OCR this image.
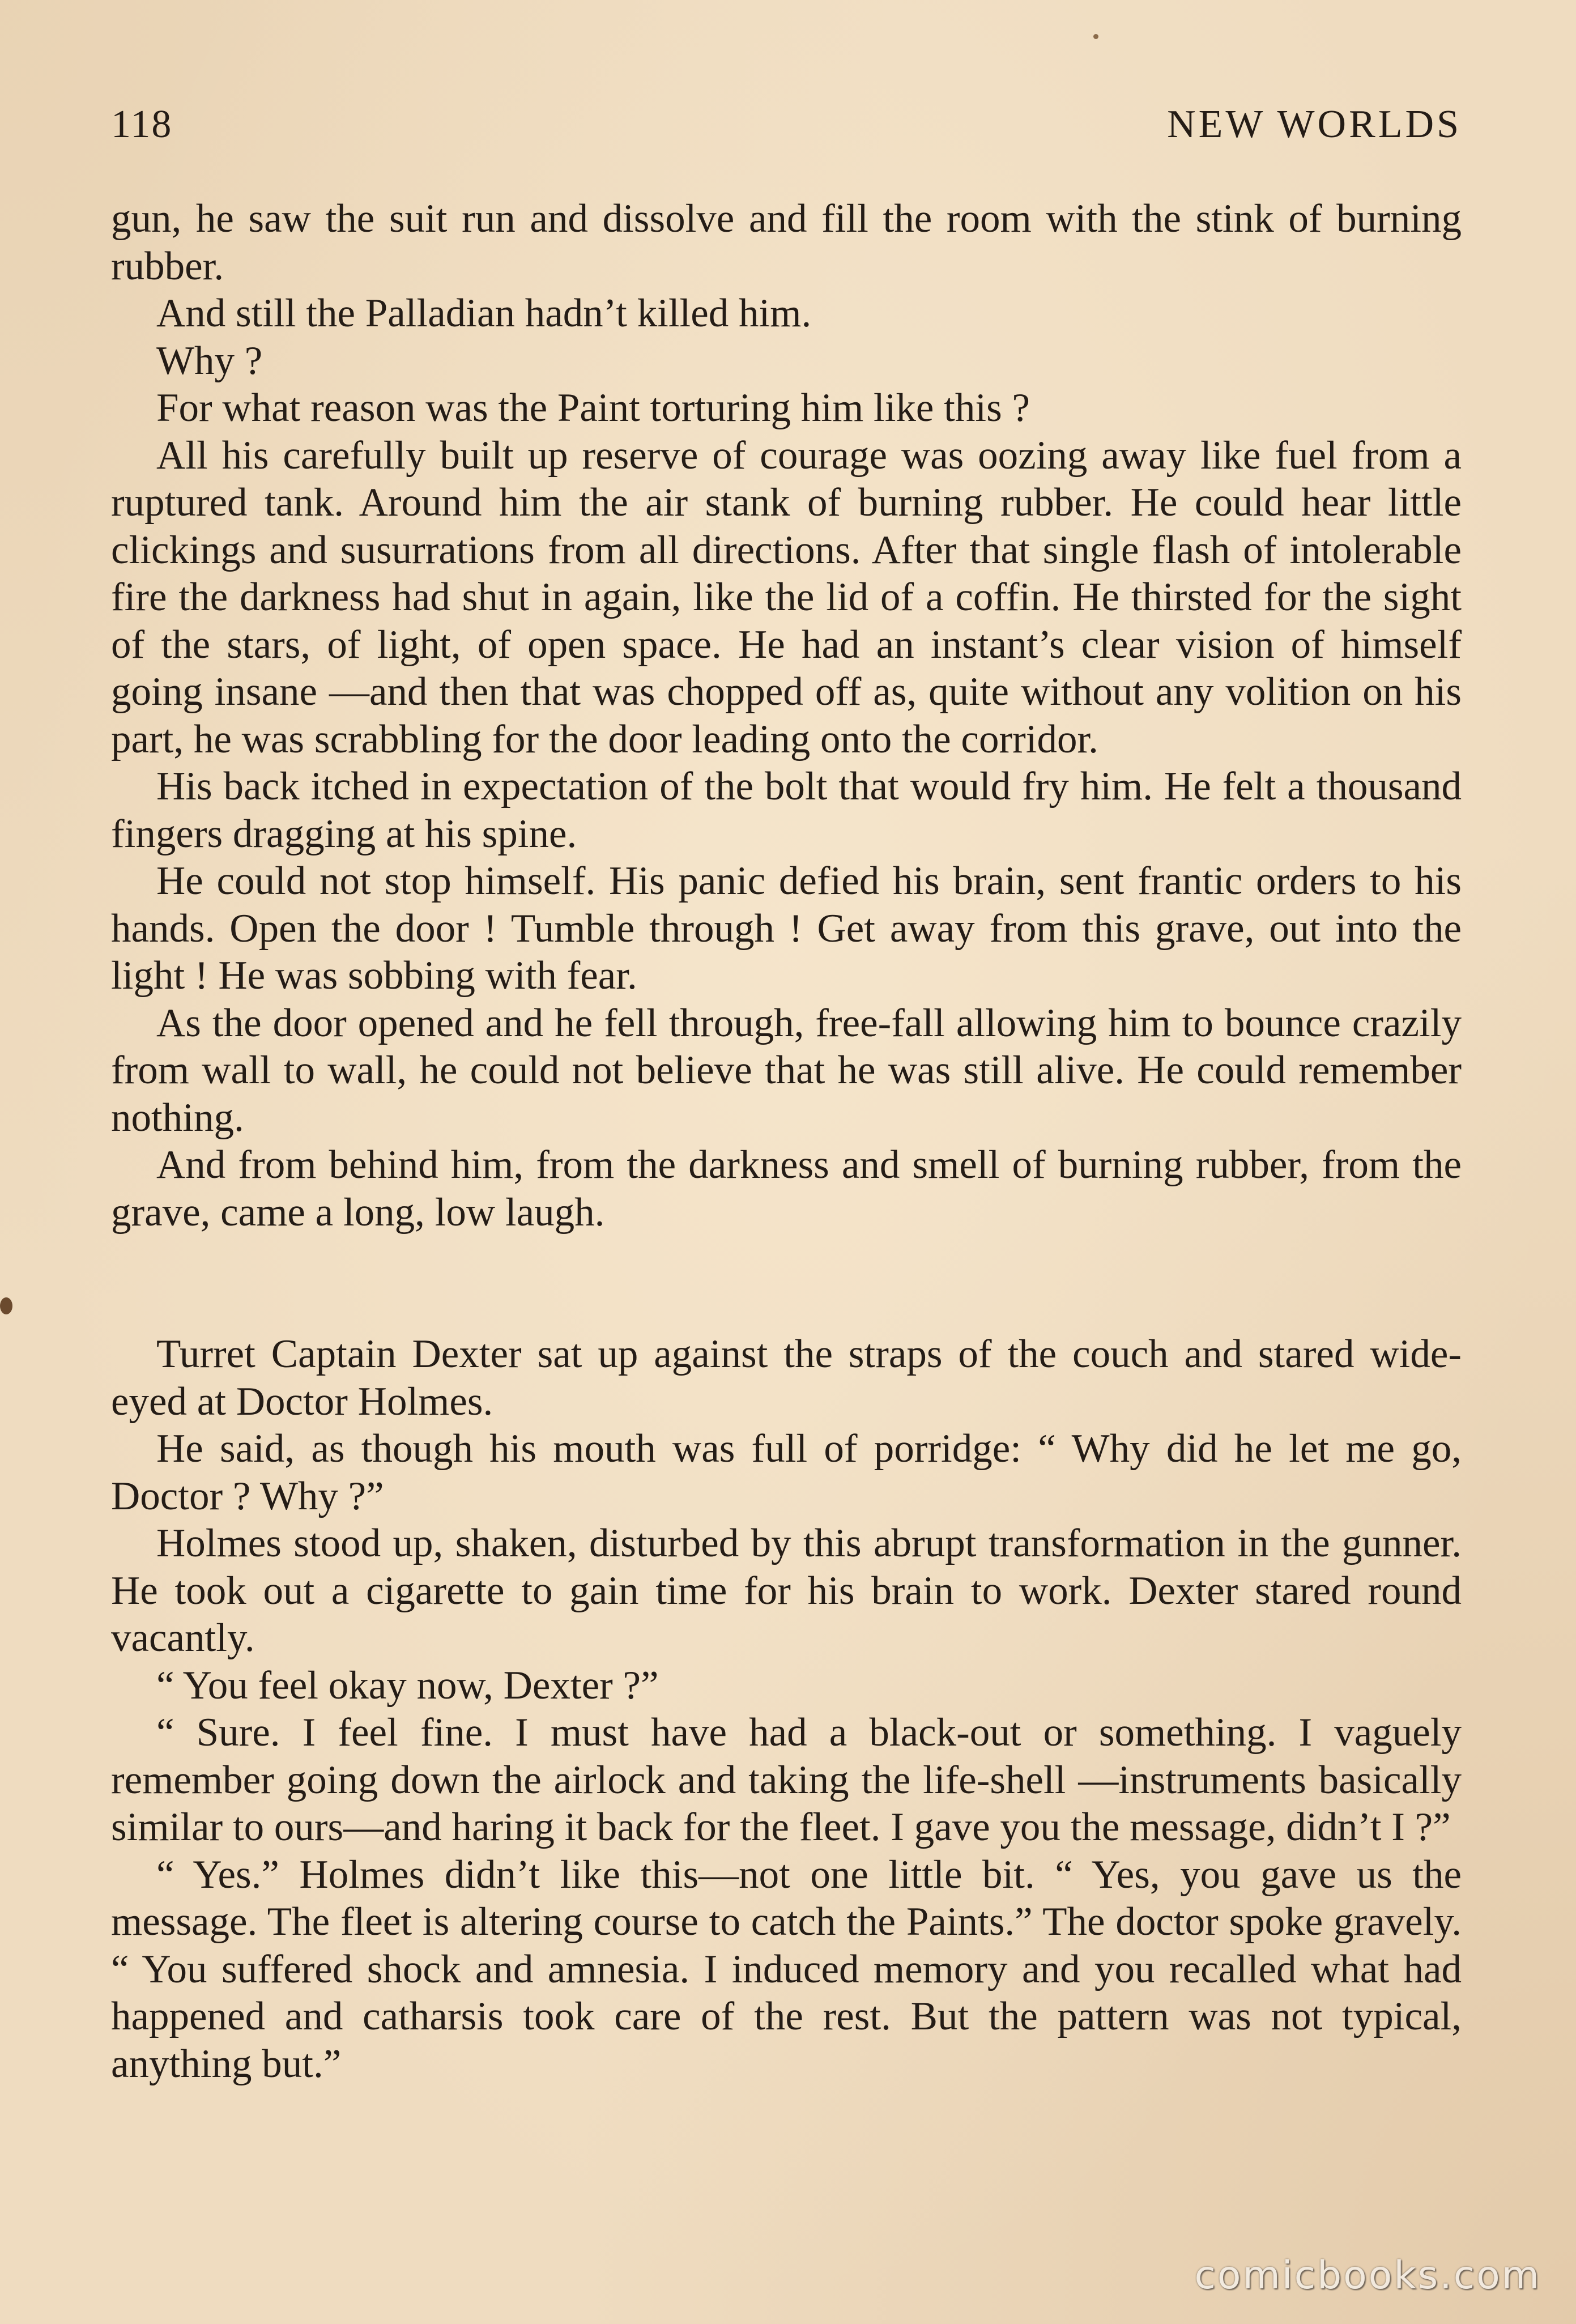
118	NEW WORLDS

gun, he saw the suit run and dissolve and fill the room with the stink of burning rubber.

And still the Palladian hadn’t killed him.

Why ?

For what reason was the Paint torturing him like this ?

All his carefully built up reserve of courage was oozing away like fuel from a ruptured tank. Around him the air stank of burning rubber. He could hear little clickings and susurrations from all directions. After that single flash of intolerable fire the darkness had shut in again, like the lid of a coffin. He thirsted for the sight of the stars, of light, of open space. He had an instant’s clear vision of himself going insane —and then that was chopped off as, quite without any volition on his part, he was scrabbling for the door leading onto the corridor.

His back itched in expectation of the bolt that would fry him. He felt a thousand fingers dragging at his spine.

He could not stop himself. His panic defied his brain, sent frantic orders to his hands. Open the door ! Tumble through ! Get away from this grave, out into the light ! He was sobbing with fear.

As the door opened and he fell through, free-fall allowing him to bounce crazily from wall to wall, he could not believe that he was still alive. He could remember nothing.

And from behind him, from the darkness and smell of burning rubber, from the grave, came a long, low laugh.

Turret Captain Dexter sat up against the straps of the couch and stared wide-eyed at Doctor Holmes.

He said, as though his mouth was full of porridge: “ Why did he let me go, Doctor ? Why ?”

Holmes stood up, shaken, disturbed by this abrupt transformation in the gunner. He took out a cigarette to gain time for his brain to work. Dexter stared round vacantly.

“ You feel okay now, Dexter ?”

“ Sure. I feel fine. I must have had a black-out or something. I vaguely remember going down the airlock and taking the life-shell —instruments basically similar to ours—and haring it back for the fleet. I gave you the message, didn’t I ?”

“ Yes.” Holmes didn’t like this—not one little bit. “ Yes, you gave us the message. The fleet is altering course to catch the Paints.” The doctor spoke gravely. “ You suffered shock and amnesia. I induced memory and you recalled what had happened and catharsis took care of the rest. But the pattern was not typical, anything but.”

comicbooks.com
